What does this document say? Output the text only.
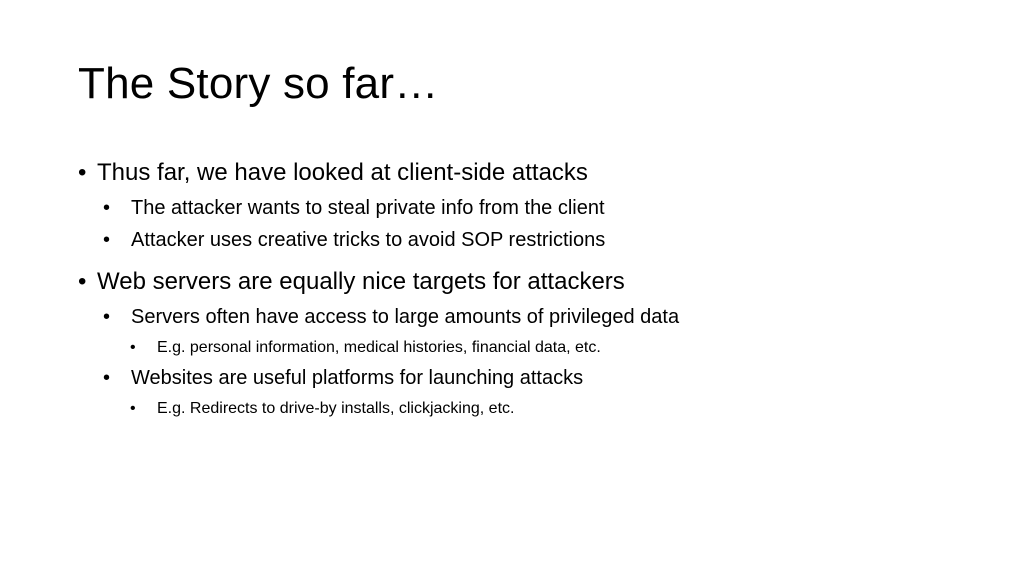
The Story so far…
• Thus far, we have looked at client-side attacks
• The attacker wants to steal private info from the client
• Attacker uses creative tricks to avoid SOP restrictions
• Web servers are equally nice targets for attackers
• Servers often have access to large amounts of privileged data
• E.g. personal information, medical histories, financial data, etc.
• Websites are useful platforms for launching attacks
• E.g. Redirects to drive-by installs, clickjacking, etc.
